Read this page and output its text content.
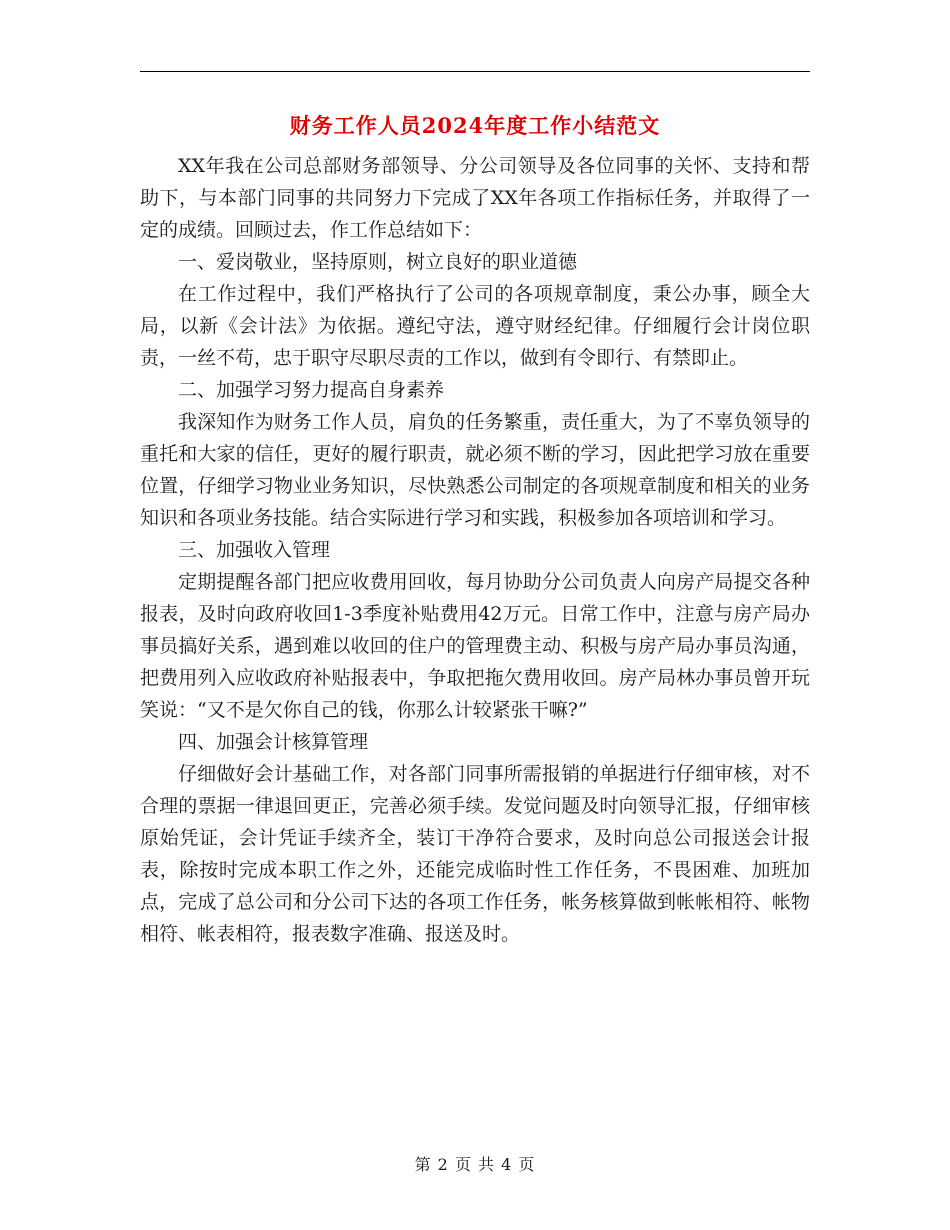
财务工作人员2024年度工作小结范文

XX年我在公司总部财务部领导、分公司领导及各位同事的关怀、支持和帮助下，与本部门同事的共同努力下完成了XX年各项工作指标任务，并取得了一定的成绩。回顾过去，作工作总结如下：

一、爱岗敬业，坚持原则，树立良好的职业道德

在工作过程中，我们严格执行了公司的各项规章制度，秉公办事，顾全大局，以新《会计法》为依据。遵纪守法，遵守财经纪律。仔细履行会计岗位职责，一丝不苟，忠于职守尽职尽责的工作以，做到有令即行、有禁即止。

二、加强学习努力提高自身素养

我深知作为财务工作人员，肩负的任务繁重，责任重大，为了不辜负领导的重托和大家的信任，更好的履行职责，就必须不断的学习，因此把学习放在重要位置，仔细学习物业业务知识，尽快熟悉公司制定的各项规章制度和相关的业务知识和各项业务技能。结合实际进行学习和实践，积极参加各项培训和学习。

三、加强收入管理

定期提醒各部门把应收费用回收，每月协助分公司负责人向房产局提交各种报表，及时向政府收回1-3季度补贴费用42万元。日常工作中，注意与房产局办事员搞好关系，遇到难以收回的住户的管理费主动、积极与房产局办事员沟通，把费用列入应收政府补贴报表中，争取把拖欠费用收回。房产局林办事员曾开玩笑说：“又不是欠你自己的钱，你那么计较紧张干嘛?”

四、加强会计核算管理

仔细做好会计基础工作，对各部门同事所需报销的单据进行仔细审核，对不合理的票据一律退回更正，完善必须手续。发觉问题及时向领导汇报，仔细审核原始凭证，会计凭证手续齐全，装订干净符合要求，及时向总公司报送会计报表，除按时完成本职工作之外，还能完成临时性工作任务，不畏困难、加班加点，完成了总公司和分公司下达的各项工作任务，帐务核算做到帐帐相符、帐物相符、帐表相符，报表数字准确、报送及时。

第 2 页 共 4 页
